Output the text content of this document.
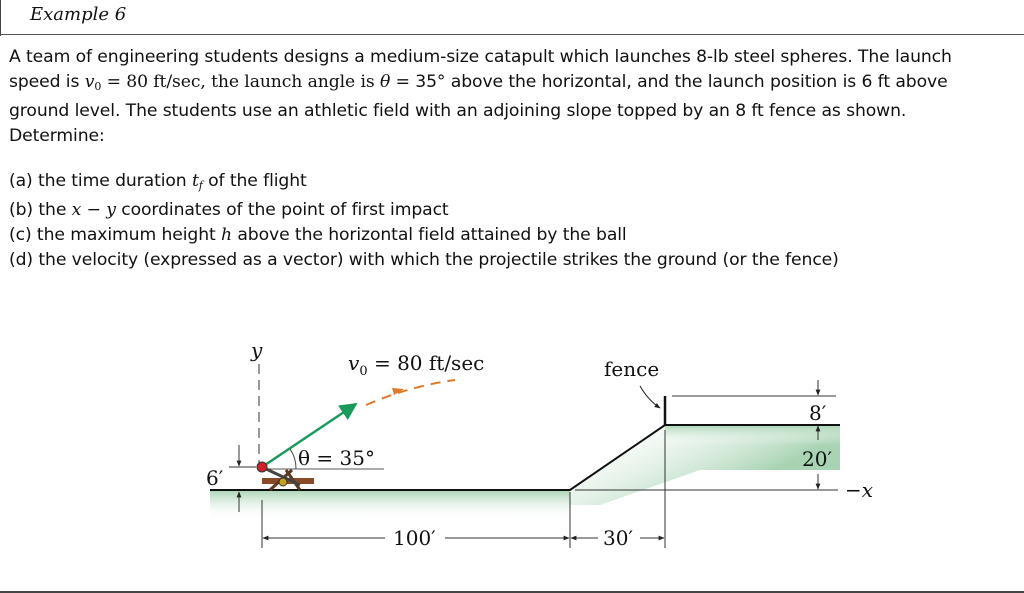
Example 6

A team of engineering students designs a medium-size catapult which launches 8-lb steel spheres. The launch

speed is $v_0 = 80$ ft/sec, the launch angle is θ = 35° above the horizontal, and the launch position is 6 ft above

ground level. The students use an athletic field with an adjoining slope topped by an 8 ft fence as shown.

Determine:

(a) the time duration $t_f$ of the flight

(b) the x − y coordinates of the point of first impact

(c) the maximum height h above the horizontal field attained by the ball

(d) the velocity (expressed as a vector) with which the projectile strikes the ground (or the fence)

y
$v_0 = 80$ ft/sec
θ = 35°
fence
6′
100′	30′
8′
20′
−x
